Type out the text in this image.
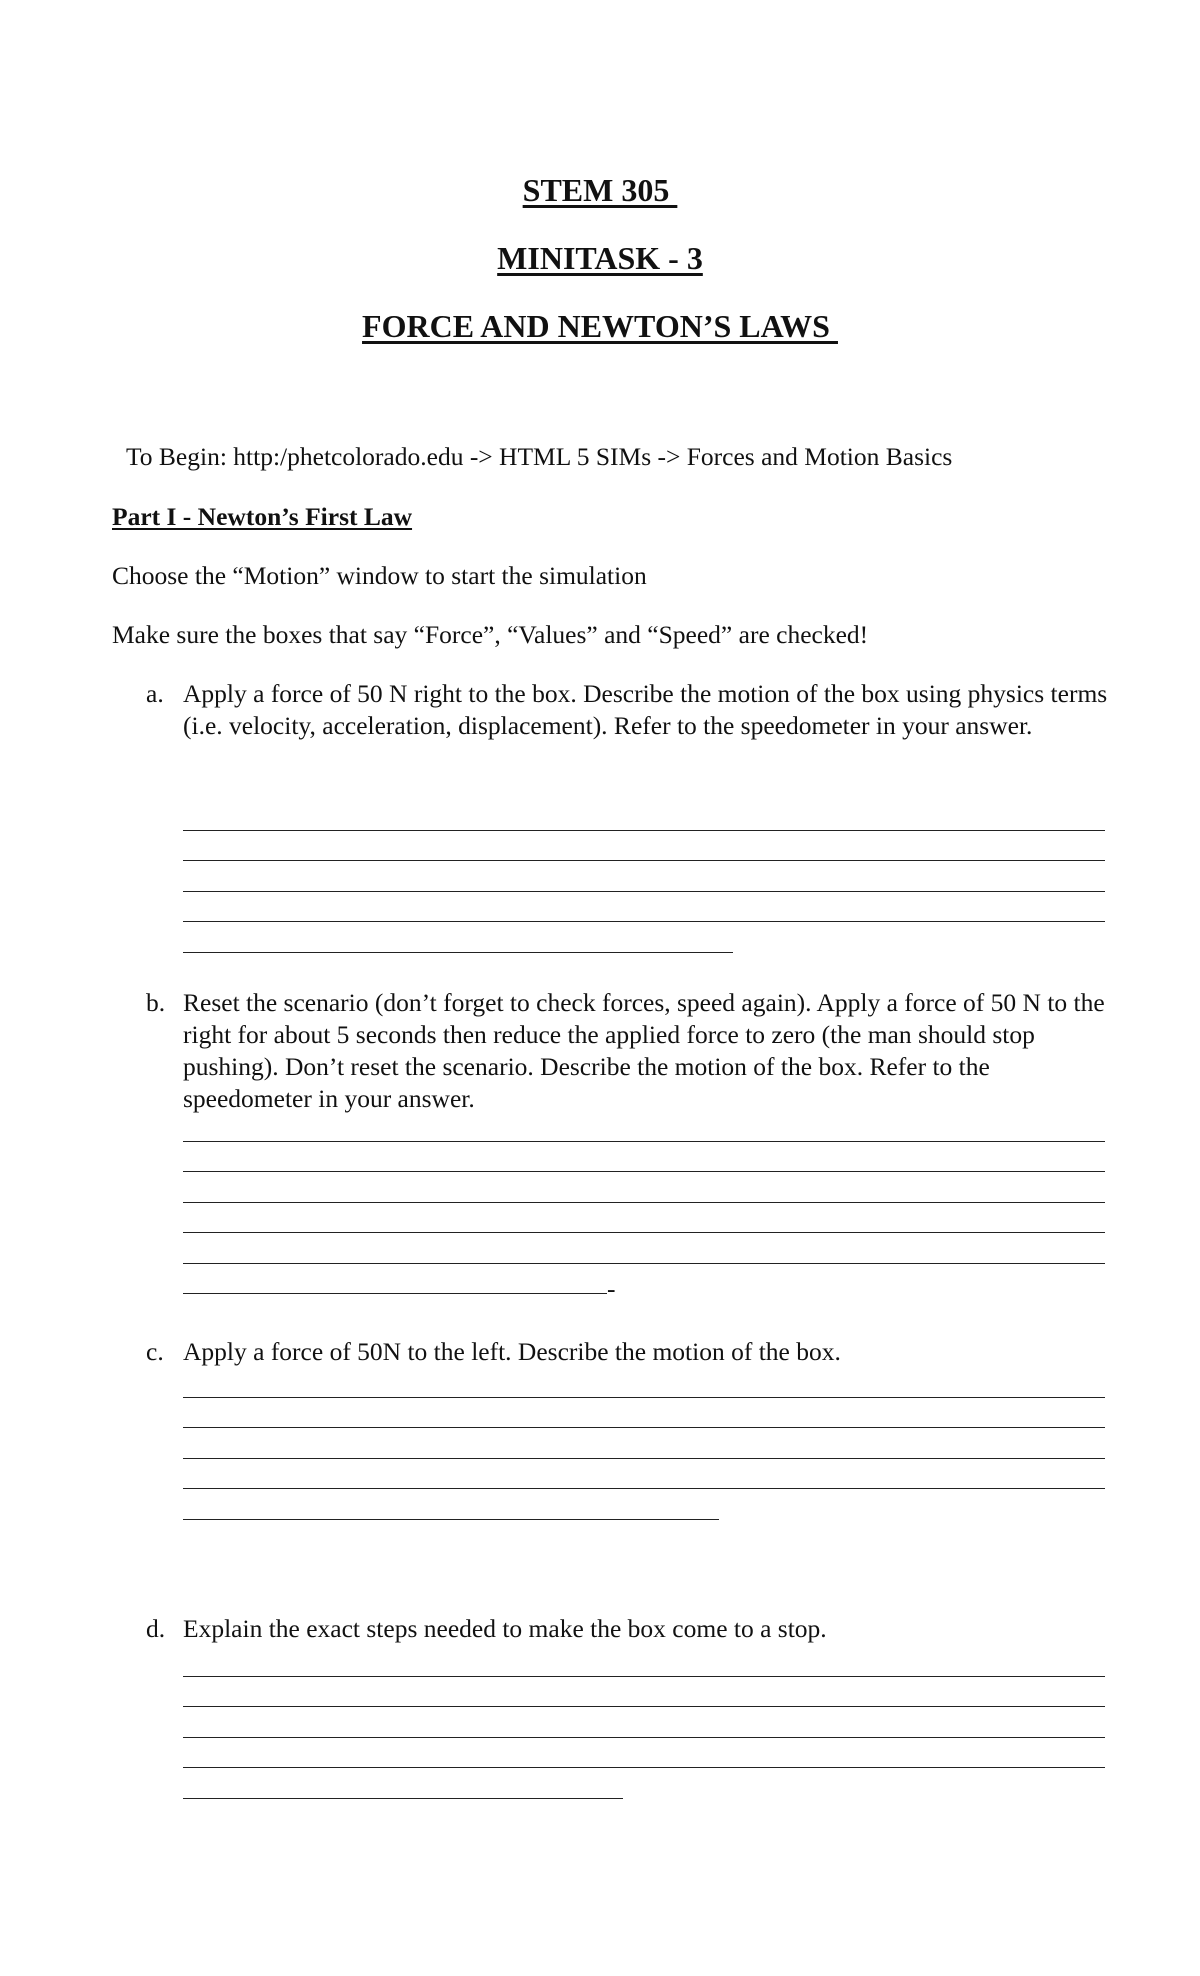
STEM 305
MINITASK - 3
FORCE AND NEWTON’S LAWS
To Begin: http:/phetcolorado.edu -> HTML 5 SIMs -> Forces and Motion Basics
Part I - Newton’s First Law
Choose the “Motion” window to start the simulation
Make sure the boxes that say “Force”, “Values” and “Speed” are checked!
a. Apply a force of 50 N right to the box. Describe the motion of the box using physics terms (i.e. velocity, acceleration, displacement). Refer to the speedometer in your answer.
b. Reset the scenario (don’t forget to check forces, speed again). Apply a force of 50 N to the right for about 5 seconds then reduce the applied force to zero (the man should stop pushing). Don’t reset the scenario. Describe the motion of the box. Refer to the speedometer in your answer.
-
c. Apply a force of 50N to the left. Describe the motion of the box.
d. Explain the exact steps needed to make the box come to a stop.
